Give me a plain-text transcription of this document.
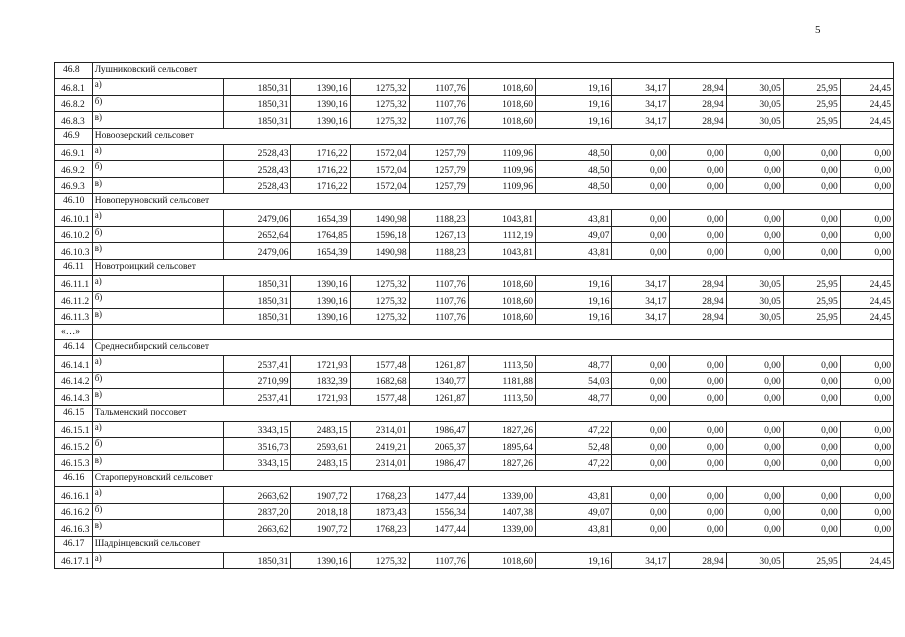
5
46.8	Лушниковский сельсовет											
46.8.1	а)	1850,31	1390,16	1275,32	1107,76	1018,60	19,16	34,17	28,94	30,05	25,95	24,45
46.8.2	б)	1850,31	1390,16	1275,32	1107,76	1018,60	19,16	34,17	28,94	30,05	25,95	24,45
46.8.3	в)	1850,31	1390,16	1275,32	1107,76	1018,60	19,16	34,17	28,94	30,05	25,95	24,45
46.9	Новоозерский сельсовет											
46.9.1	а)	2528,43	1716,22	1572,04	1257,79	1109,96	48,50	0,00	0,00	0,00	0,00	0,00
46.9.2	б)	2528,43	1716,22	1572,04	1257,79	1109,96	48,50	0,00	0,00	0,00	0,00	0,00
46.9.3	в)	2528,43	1716,22	1572,04	1257,79	1109,96	48,50	0,00	0,00	0,00	0,00	0,00
46.10	Новоперуновский сельсовет											
46.10.1	а)	2479,06	1654,39	1490,98	1188,23	1043,81	43,81	0,00	0,00	0,00	0,00	0,00
46.10.2	б)	2652,64	1764,85	1596,18	1267,13	1112,19	49,07	0,00	0,00	0,00	0,00	0,00
46.10.3	в)	2479,06	1654,39	1490,98	1188,23	1043,81	43,81	0,00	0,00	0,00	0,00	0,00
46.11	Новотроицкий сельсовет											
46.11.1	а)	1850,31	1390,16	1275,32	1107,76	1018,60	19,16	34,17	28,94	30,05	25,95	24,45
46.11.2	б)	1850,31	1390,16	1275,32	1107,76	1018,60	19,16	34,17	28,94	30,05	25,95	24,45
46.11.3	в)	1850,31	1390,16	1275,32	1107,76	1018,60	19,16	34,17	28,94	30,05	25,95	24,45
«…»												
46.14	Среднесибирский сельсовет											
46.14.1	а)	2537,41	1721,93	1577,48	1261,87	1113,50	48,77	0,00	0,00	0,00	0,00	0,00
46.14.2	б)	2710,99	1832,39	1682,68	1340,77	1181,88	54,03	0,00	0,00	0,00	0,00	0,00
46.14.3	в)	2537,41	1721,93	1577,48	1261,87	1113,50	48,77	0,00	0,00	0,00	0,00	0,00
46.15	Тальменский поссовет											
46.15.1	а)	3343,15	2483,15	2314,01	1986,47	1827,26	47,22	0,00	0,00	0,00	0,00	0,00
46.15.2	б)	3516,73	2593,61	2419,21	2065,37	1895,64	52,48	0,00	0,00	0,00	0,00	0,00
46.15.3	в)	3343,15	2483,15	2314,01	1986,47	1827,26	47,22	0,00	0,00	0,00	0,00	0,00
46.16	Староперуновский сельсовет											
46.16.1	а)	2663,62	1907,72	1768,23	1477,44	1339,00	43,81	0,00	0,00	0,00	0,00	0,00
46.16.2	б)	2837,20	2018,18	1873,43	1556,34	1407,38	49,07	0,00	0,00	0,00	0,00	0,00
46.16.3	в)	2663,62	1907,72	1768,23	1477,44	1339,00	43,81	0,00	0,00	0,00	0,00	0,00
46.17	Шадрінцевский сельсовет											
46.17.1	а)	1850,31	1390,16	1275,32	1107,76	1018,60	19,16	34,17	28,94	30,05	25,95	24,45
